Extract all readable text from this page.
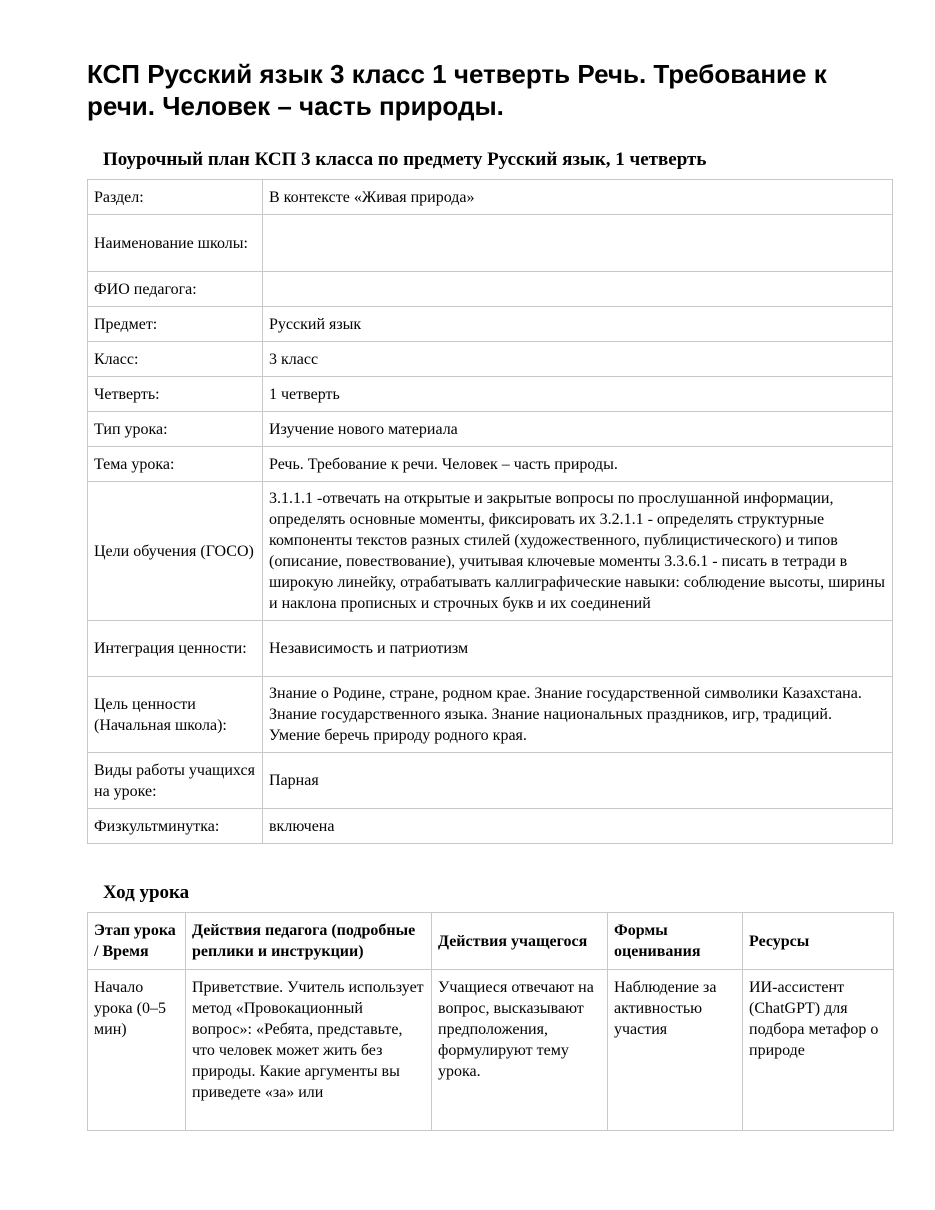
КСП Русский язык 3 класс 1 четверть Речь. Требование к речи. Человек – часть природы.
Поурочный план КСП 3 класса по предмету Русский язык, 1 четверть
Раздел:	В контексте «Живая природа»
Наименование школы:	
ФИО педагога:	
Предмет:	Русский язык
Класс:	3 класс
Четверть:	1 четверть
Тип урока:	Изучение нового материала
Тема урока:	Речь. Требование к речи. Человек – часть природы.
Цели обучения (ГОСО)	3.1.1.1 -отвечать на открытые и закрытые вопросы по прослушанной информации, определять основные моменты, фиксировать их 3.2.1.1 - определять структурные компоненты текстов разных стилей (художественного, публицистического) и типов (описание, повествование), учитывая ключевые моменты 3.3.6.1 - писать в тетради в широкую линейку, отрабатывать каллиграфические навыки: соблюдение высоты, ширины и наклона прописных и строчных букв и их соединений
Интеграция ценности:	Независимость и патриотизм
Цель ценности (Начальная школа):	Знание о Родине, стране, родном крае. Знание государственной символики Казахстана. Знание государственного языка. Знание национальных праздников, игр, традиций. Умение беречь природу родного края.
Виды работы учащихся на уроке:	Парная
Физкультминутка:	включена
Ход урока
Этап урока / Время	Действия педагога (подробные реплики и инструкции)	Действия учащегося	Формы оценивания	Ресурсы
Начало урока (0–5 мин)	Приветствие. Учитель использует метод «Провокационный вопрос»: «Ребята, представьте, что человек может жить без природы. Какие аргументы вы приведете «за» или	Учащиеся отвечают на вопрос, высказывают предположения, формулируют тему урока.	Наблюдение за активностью участия	ИИ-ассистент (ChatGPT) для подбора метафор о природе
